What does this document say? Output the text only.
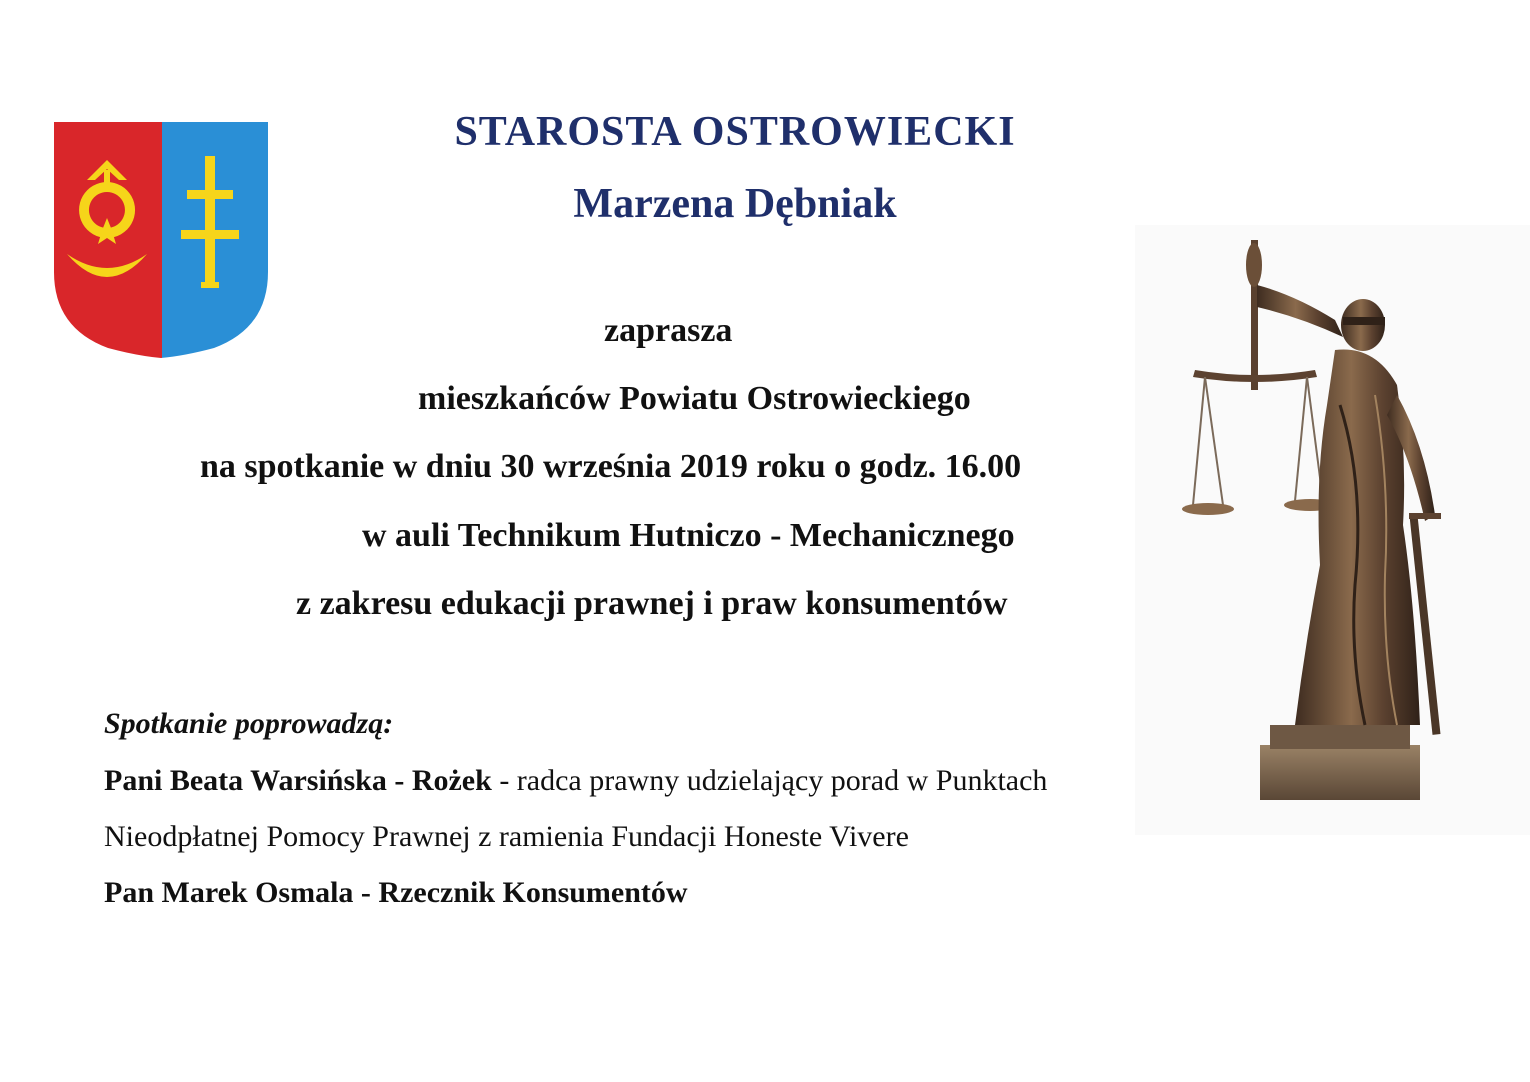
STAROSTA OSTROWIECKI
Marzena Dębniak
zaprasza
mieszkańców Powiatu Ostrowieckiego
na spotkanie w dniu 30 września 2019 roku o godz. 16.00
w auli Technikum Hutniczo - Mechanicznego
z zakresu edukacji prawnej i praw konsumentów
Spotkanie poprowadzą:
Pani Beata Warsińska - Rożek - radca prawny udzielający porad w Punktach
Nieodpłatnej Pomocy Prawnej z ramienia Fundacji Honeste Vivere
Pan Marek Osmala - Rzecznik Konsumentów
